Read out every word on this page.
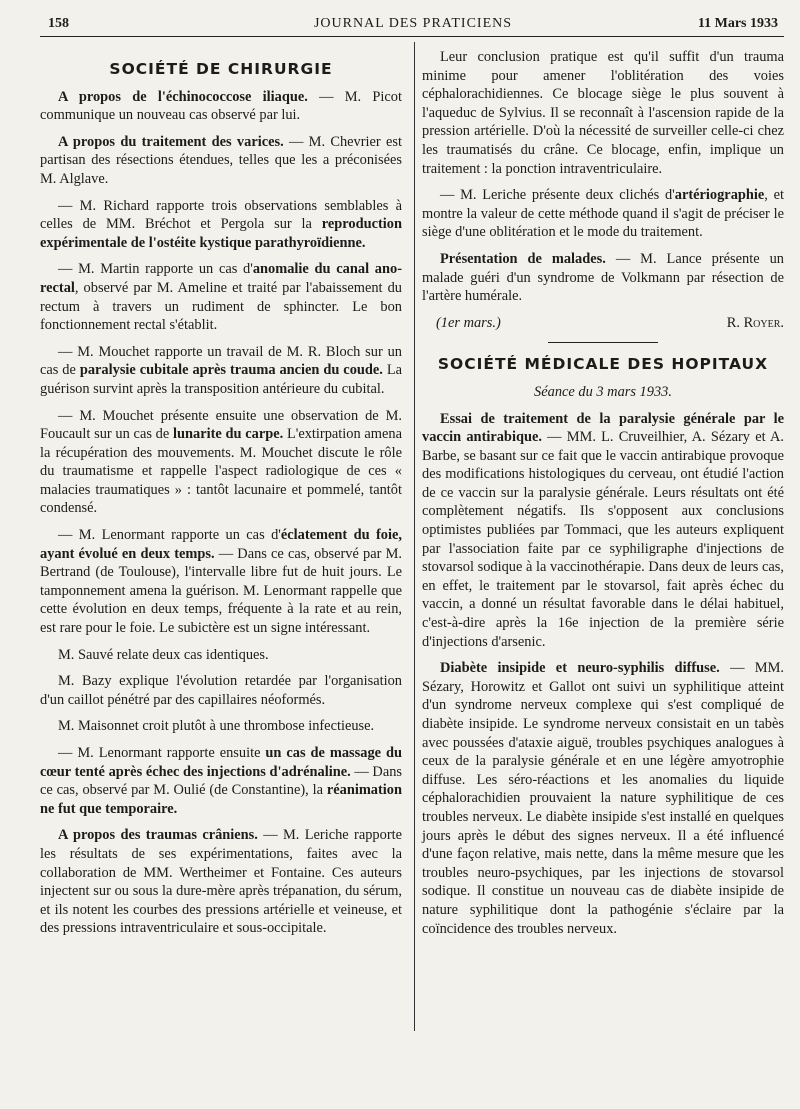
158	JOURNAL DES PRATICIENS	11 Mars 1933
SOCIÉTÉ DE CHIRURGIE

A propos de l'échinococcose iliaque. — M. Picot communique un nouveau cas observé par lui.

A propos du traitement des varices. — M. Chevrier est partisan des résections étendues, telles que les a préconisées M. Alglave.

— M. Richard rapporte trois observations semblables à celles de MM. Bréchot et Pergola sur la reproduction expérimentale de l'ostéite kystique parathyroïdienne.

— M. Martin rapporte un cas d'anomalie du canal ano-rectal, observé par M. Ameline et traité par l'abaissement du rectum à travers un rudiment de sphincter. Le bon fonctionnement rectal s'établit.

— M. Mouchet rapporte un travail de M. R. Bloch sur un cas de paralysie cubitale après trauma ancien du coude. La guérison survint après la transposition antérieure du cubital.

— M. Mouchet présente ensuite une observation de M. Foucault sur un cas de lunarite du carpe. L'extirpation amena la récupération des mouvements. M. Mouchet discute le rôle du traumatisme et rappelle l'aspect radiologique de ces « malacies traumatiques » : tantôt lacunaire et pommelé, tantôt condensé.

— M. Lenormant rapporte un cas d'éclatement du foie, ayant évolué en deux temps. — Dans ce cas, observé par M. Bertrand (de Toulouse), l'intervalle libre fut de huit jours. Le tamponnement amena la guérison. M. Lenormant rappelle que cette évolution en deux temps, fréquente à la rate et au rein, est rare pour le foie. Le subictère est un signe intéressant.

M. Sauvé relate deux cas identiques.

M. Bazy explique l'évolution retardée par l'organisation d'un caillot pénétré par des capillaires néoformés.

M. Maisonnet croit plutôt à une thrombose infectieuse.

— M. Lenormant rapporte ensuite un cas de massage du cœur tenté après échec des injections d'adrénaline. — Dans ce cas, observé par M. Oulié (de Constantine), la réanimation ne fut que temporaire.

A propos des traumas crâniens. — M. Leriche rapporte les résultats de ses expérimentations, faites avec la collaboration de MM. Wertheimer et Fontaine. Ces auteurs injectent sur ou sous la dure-mère après trépanation, du sérum, et ils notent les courbes des pressions artérielle et veineuse, et des pressions intraventriculaire et sous-occipitale.

Leur conclusion pratique est qu'il suffit d'un trauma minime pour amener l'oblitération des voies céphalorachidiennes. Ce blocage siège le plus souvent à l'aqueduc de Sylvius. Il se reconnaît à l'ascension rapide de la pression artérielle. D'où la nécessité de surveiller celle-ci chez les traumatisés du crâne. Ce blocage, enfin, implique un traitement : la ponction intraventriculaire.

— M. Leriche présente deux clichés d'artériographie, et montre la valeur de cette méthode quand il s'agit de préciser le siège d'une oblitération et le mode du traitement.

Présentation de malades. — M. Lance présente un malade guéri d'un syndrome de Volkmann par résection de l'artère humérale.

(1er mars.)	R. Royer.
SOCIÉTÉ MÉDICALE DES HOPITAUX
Séance du 3 mars 1933.

Essai de traitement de la paralysie générale par le vaccin antirabique. — MM. L. Cruveilhier, A. Sézary et A. Barbe, se basant sur ce fait que le vaccin antirabique provoque des modifications histologiques du cerveau, ont étudié l'action de ce vaccin sur la paralysie générale. Leurs résultats ont été complètement négatifs. Ils s'opposent aux conclusions optimistes publiées par Tommaci, que les auteurs expliquent par l'association faite par ce syphiligraphe d'injections de stovarsol sodique à la vaccinothérapie. Dans deux de leurs cas, en effet, le traitement par le stovarsol, fait après échec du vaccin, a donné un résultat favorable dans le délai habituel, c'est-à-dire après la 16e injection de la première série d'injections d'arsenic.

Diabète insipide et neuro-syphilis diffuse. — MM. Sézary, Horowitz et Gallot ont suivi un syphilitique atteint d'un syndrome nerveux complexe qui s'est compliqué de diabète insipide. Le syndrome nerveux consistait en un tabès avec poussées d'ataxie aiguë, troubles psychiques analogues à ceux de la paralysie générale et en une légère amyotrophie diffuse. Les séro-réactions et les anomalies du liquide céphalorachidien prouvaient la nature syphilitique de ces troubles nerveux. Le diabète insipide s'est installé en quelques jours après le début des signes nerveux. Il a été influencé d'une façon relative, mais nette, dans la même mesure que les troubles neuro-psychiques, par les injections de stovarsol sodique. Il constitue un nouveau cas de diabète insipide de nature syphilitique dont la pathogénie s'éclaire par la coïncidence des troubles nerveux.
